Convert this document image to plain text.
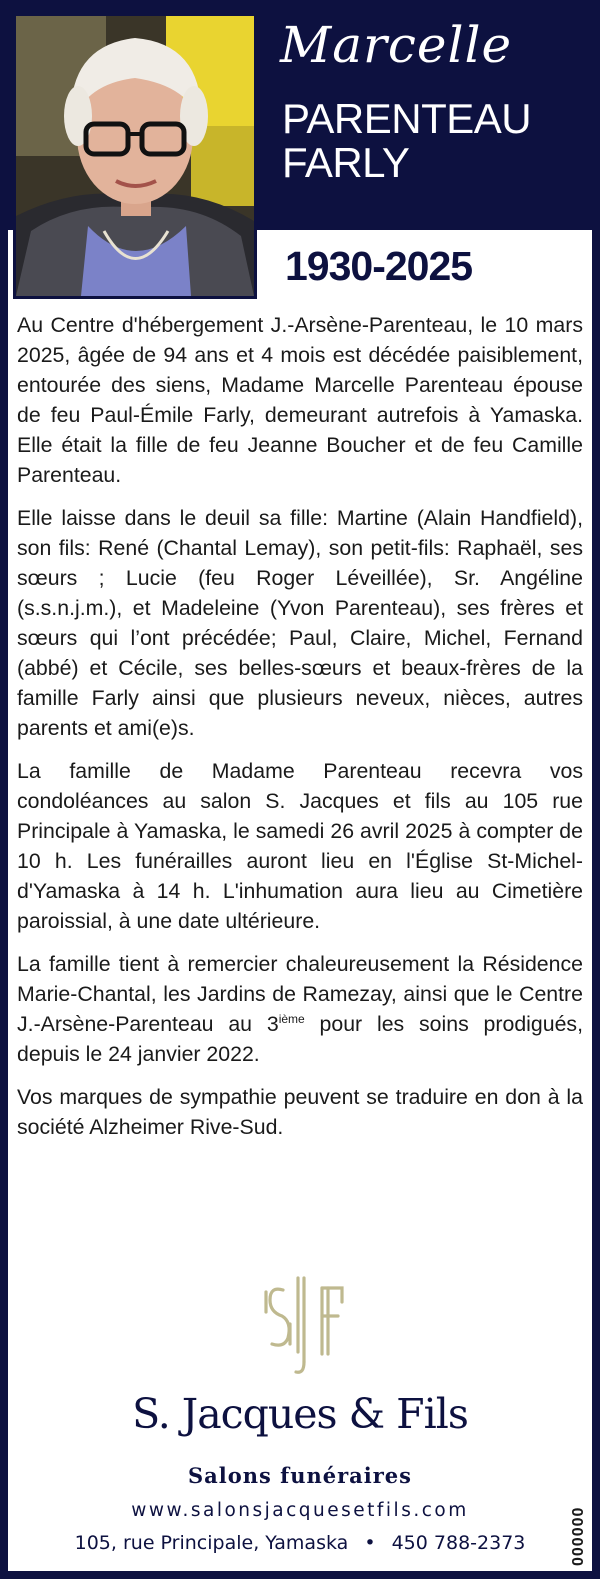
Marcelle
PARENTEAU
FARLY
1930-2025

Au Centre d'hébergement J.-Arsène-Parenteau, le 10 mars 2025, âgée de 94 ans et 4 mois est décédée paisiblement, entourée des siens, Madame Marcelle Parenteau épouse de feu Paul-Émile Farly, demeurant autrefois à Yamaska. Elle était la fille de feu Jeanne Boucher et de feu Camille Parenteau.

Elle laisse dans le deuil sa fille: Martine (Alain Handfield), son fils: René (Chantal Lemay), son petit-fils: Raphaël, ses sœurs ; Lucie (feu Roger Léveillée), Sr. Angéline (s.s.n.j.m.), et Madeleine (Yvon Parenteau), ses frères et sœurs qui l’ont précédée; Paul, Claire, Michel, Fernand (abbé) et Cécile, ses belles-sœurs et beaux-frères de la famille Farly ainsi que plusieurs neveux, nièces, autres parents et ami(e)s.

La famille de Madame Parenteau recevra vos condoléances au salon S. Jacques et fils au 105 rue Principale à Yamaska, le samedi 26 avril 2025 à compter de 10 h. Les funérailles auront lieu en l'Église St-Michel-d'Yamaska à 14 h. L'inhumation aura lieu au Cimetière paroissial, à une date ultérieure.

La famille tient à remercier chaleureusement la Résidence Marie-Chantal, les Jardins de Ramezay, ainsi que le Centre J.-Arsène-Parenteau au 3ième pour les soins prodigués, depuis le 24 janvier 2022.

Vos marques de sympathie peuvent se traduire en don à la société Alzheimer Rive-Sud.

S. Jacques & Fils
Salons funéraires
www.salonsjacquesetfils.com
105, rue Principale, Yamaska • 450 788-2373	000000
